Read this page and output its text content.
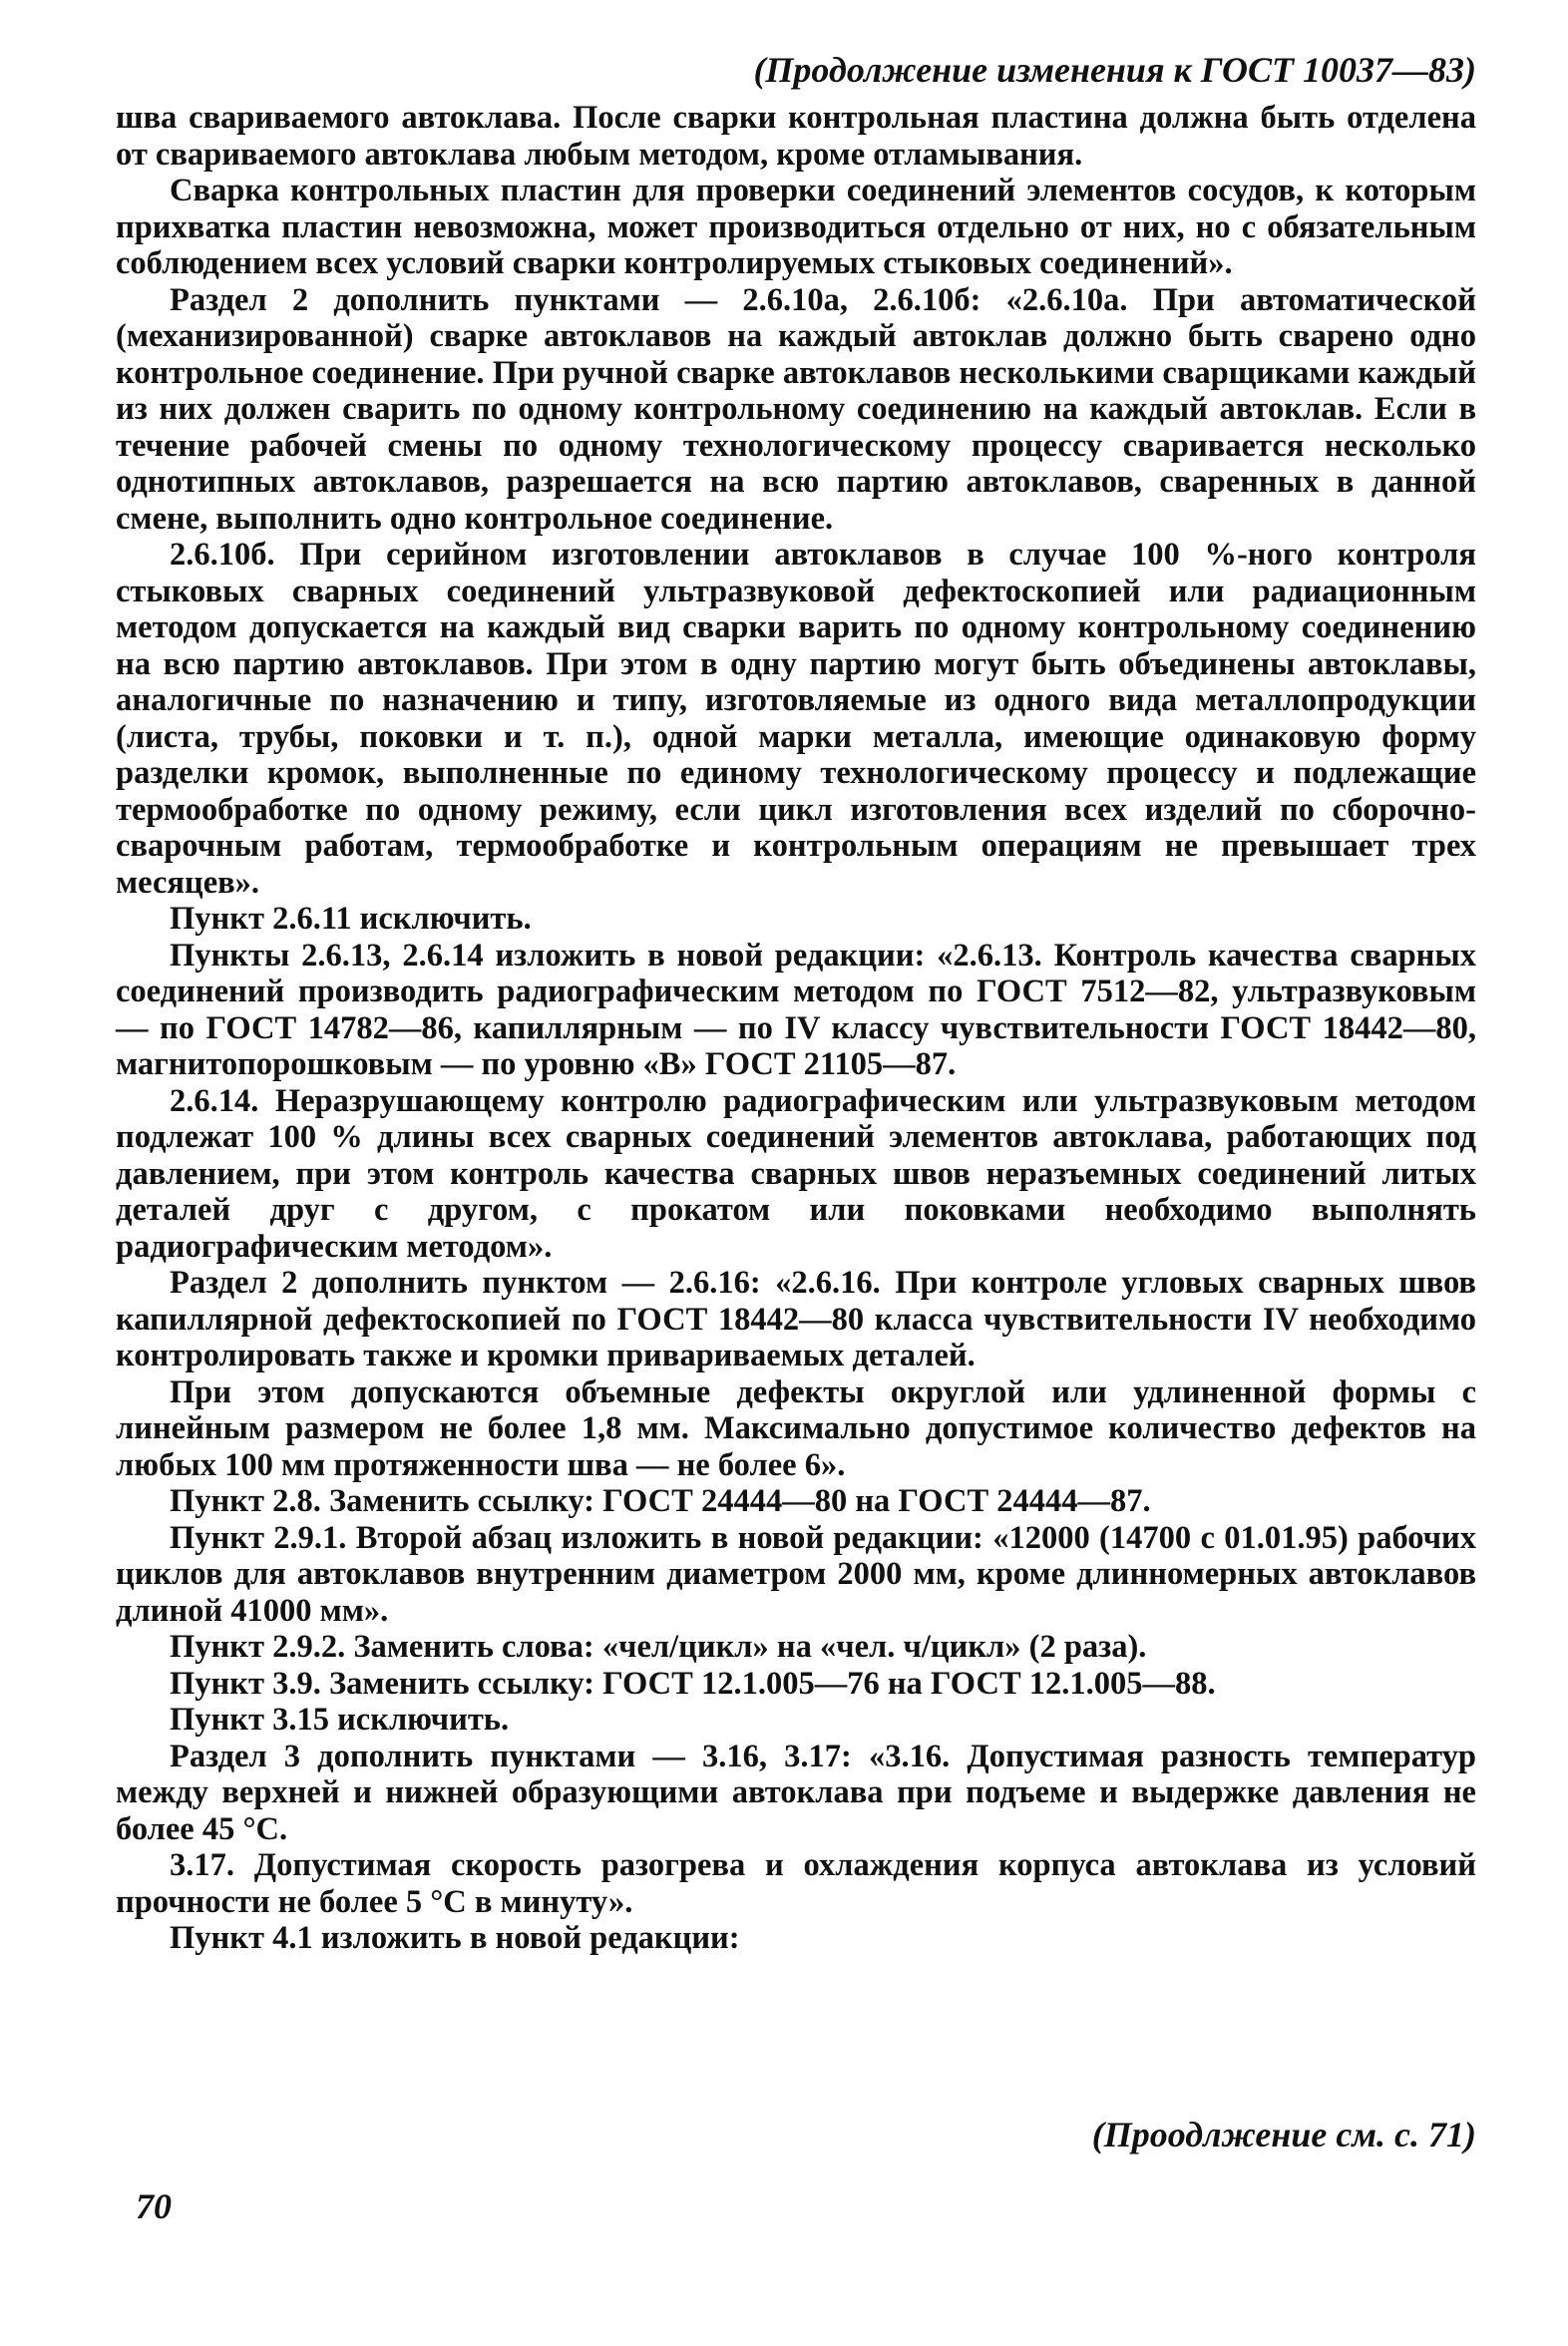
(Продолжение изменения к ГОСТ 10037—83)

шва свариваемого автоклава. После сварки контрольная пластина должна быть отделена от свариваемого автоклава любым методом, кроме отламывания.

Сварка контрольных пластин для проверки соединений элементов сосудов, к которым прихватка пластин невозможна, может производиться отдельно от них, но с обязательным соблюдением всех условий сварки контролируемых стыковых соединений».

Раздел 2 дополнить пунктами — 2.6.10а, 2.6.10б: «2.6.10а. При автоматической (механизированной) сварке автоклавов на каждый автоклав должно быть сварено одно контрольное соединение. При ручной сварке автоклавов несколькими сварщиками каждый из них должен сварить по одному контрольному соединению на каждый автоклав. Если в течение рабочей смены по одному технологическому процессу сваривается несколько однотипных автоклавов, разрешается на всю партию автоклавов, сваренных в данной смене, выполнить одно контрольное соединение.

2.6.10б. При серийном изготовлении автоклавов в случае 100 %-ного контроля стыковых сварных соединений ультразвуковой дефектоскопией или радиационным методом допускается на каждый вид сварки варить по одному контрольному соединению на всю партию автоклавов. При этом в одну партию могут быть объединены автоклавы, аналогичные по назначению и типу, изготовляемые из одного вида металлопродукции (листа, трубы, поковки и т. п.), одной марки металла, имеющие одинаковую форму разделки кромок, выполненные по единому технологическому процессу и подлежащие термообработке по одному режиму, если цикл изготовления всех изделий по сборочно-сварочным работам, термообработке и контрольным операциям не превышает трех месяцев».

Пункт 2.6.11 исключить.

Пункты 2.6.13, 2.6.14 изложить в новой редакции: «2.6.13. Контроль качества сварных соединений производить радиографическим методом по ГОСТ 7512—82, ультразвуковым — по ГОСТ 14782—86, капиллярным — по IV классу чувствительности ГОСТ 18442—80, магнитопорошковым — по уровню «В» ГОСТ 21105—87.

2.6.14. Неразрушающему контролю радиографическим или ультразвуковым методом подлежат 100 % длины всех сварных соединений элементов автоклава, работающих под давлением, при этом контроль качества сварных швов неразъемных соединений литых деталей друг с другом, с прокатом или поковками необходимо выполнять радиографическим методом».

Раздел 2 дополнить пунктом — 2.6.16: «2.6.16. При контроле угловых сварных швов капиллярной дефектоскопией по ГОСТ 18442—80 класса чувствительности IV необходимо контролировать также и кромки привариваемых деталей.

При этом допускаются объемные дефекты округлой или удлиненной формы с линейным размером не более 1,8 мм. Максимально допустимое количество дефектов на любых 100 мм протяженности шва — не более 6».

Пункт 2.8. Заменить ссылку: ГОСТ 24444—80 на ГОСТ 24444—87.

Пункт 2.9.1. Второй абзац изложить в новой редакции: «12000 (14700 с 01.01.95) рабочих циклов для автоклавов внутренним диаметром 2000 мм, кроме длинномерных автоклавов длиной 41000 мм».

Пункт 2.9.2. Заменить слова: «чел/цикл» на «чел. ч/цикл» (2 раза).

Пункт 3.9. Заменить ссылку: ГОСТ 12.1.005—76 на ГОСТ 12.1.005—88.

Пункт 3.15 исключить.

Раздел 3 дополнить пунктами — 3.16, 3.17: «3.16. Допустимая разность температур между верхней и нижней образующими автоклава при подъеме и выдержке давления не более 45 °С.

3.17. Допустимая скорость разогрева и охлаждения корпуса автоклава из условий прочности не более 5 °С в минуту».

Пункт 4.1 изложить в новой редакции:

(Проодлжение см. с. 71)
70
